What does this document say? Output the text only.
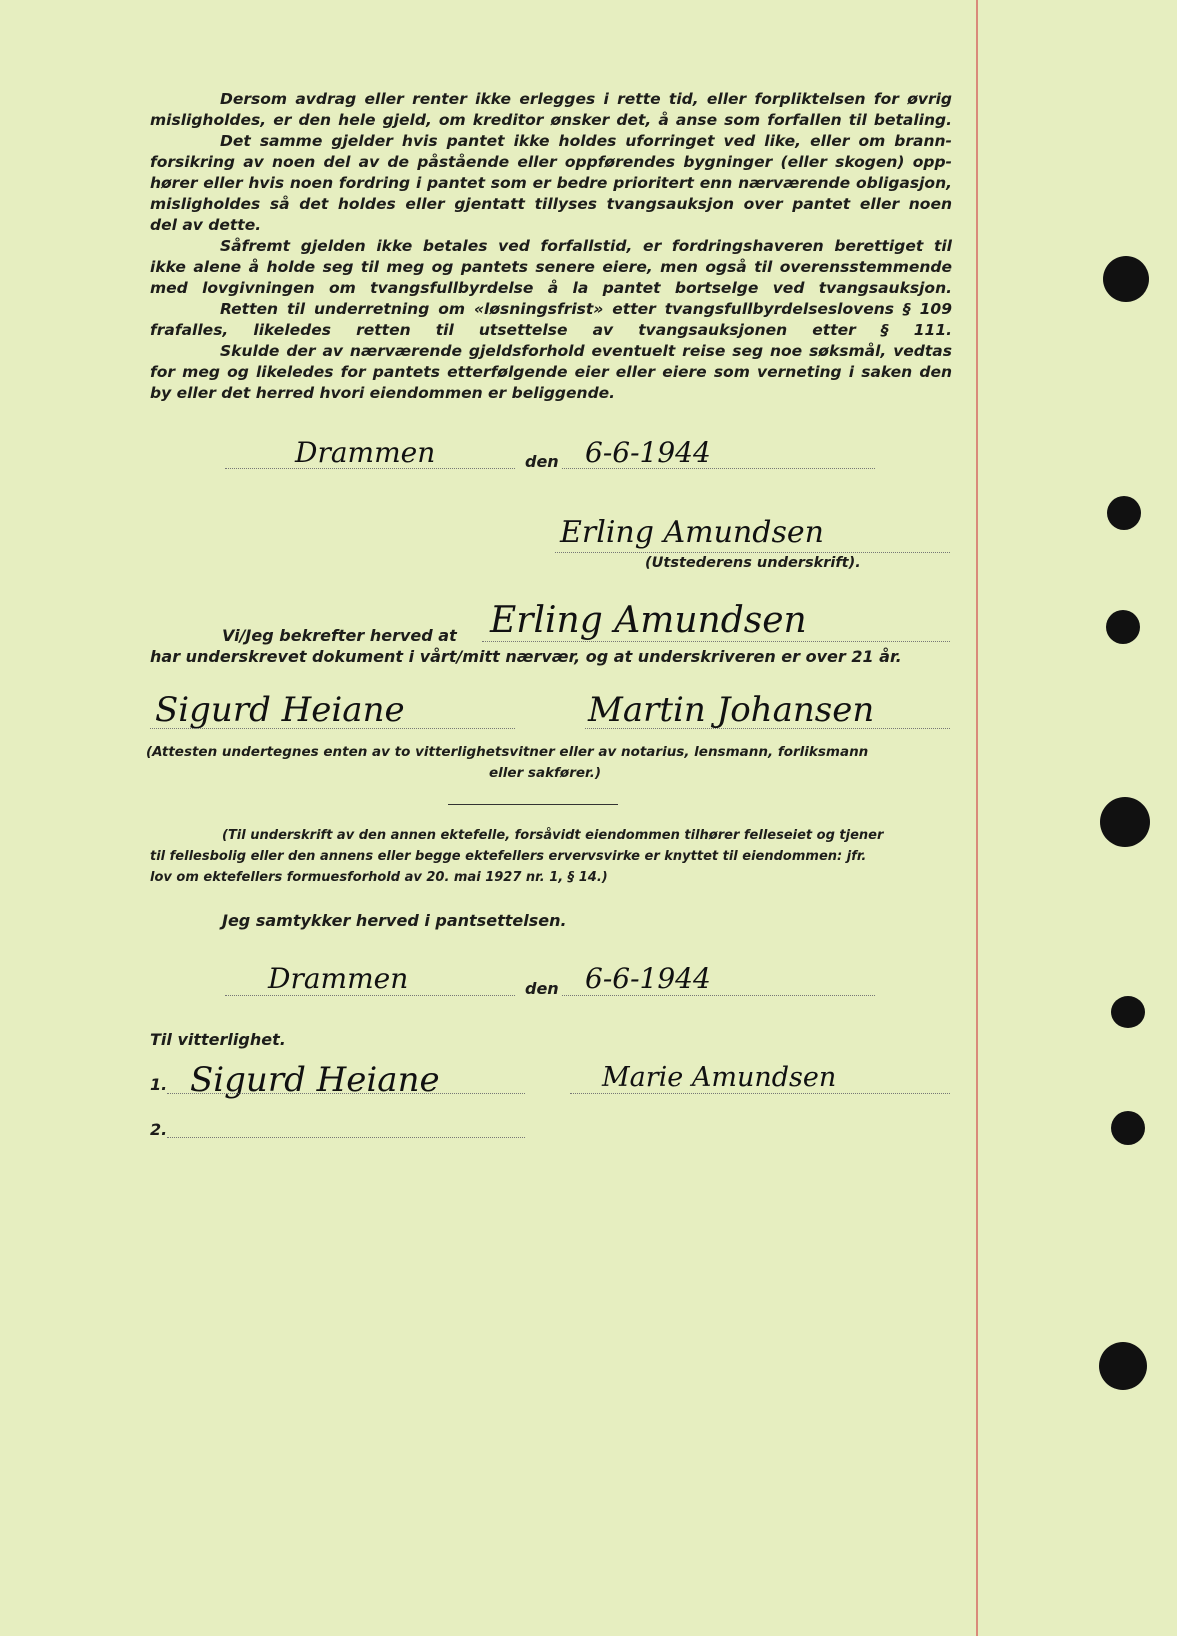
Dersom avdrag eller renter ikke erlegges i rette tid, eller forpliktelsen for øvrig
misligholdes, er den hele gjeld, om kreditor ønsker det, å anse som forfallen til betaling.
Det samme gjelder hvis pantet ikke holdes uforringet ved like, eller om brann-
forsikring av noen del av de påstående eller oppførendes bygninger (eller skogen) opp-
hører eller hvis noen fordring i pantet som er bedre prioritert enn nærværende obligasjon,
misligholdes så det holdes eller gjentatt tillyses tvangsauksjon over pantet eller noen
del av dette.
Såfremt gjelden ikke betales ved forfallstid, er fordringshaveren berettiget til
ikke alene å holde seg til meg og pantets senere eiere, men også til overensstemmende
med lovgivningen om tvangsfullbyrdelse å la pantet bortselge ved tvangsauksjon.
Retten til underretning om «løsningsfrist» etter tvangsfullbyrdelseslovens § 109
frafalles, likeledes retten til utsettelse av tvangsauksjonen etter § 111.
Skulde der av nærværende gjeldsforhold eventuelt reise seg noe søksmål, vedtas
for meg og likeledes for pantets etterfølgende eier eller eiere som verneting i saken den
by eller det herred hvori eiendommen er beliggende.
Drammen	den 6-6-1944
Erling Amundsen
(Utstederens underskrift).
Vi/Jeg bekrefter herved at Erling Amundsen
har underskrevet dokument i vårt/mitt nærvær, og at underskriveren er over 21 år.
Sigurd Heiane	Martin Johansen
(Attesten undertegnes enten av to vitterlighetsvitner eller av notarius, lensmann, forliksmann
eller sakfører.)
(Til underskrift av den annen ektefelle, forsåvidt eiendommen tilhører felleseiet og tjener
til fellesbolig eller den annens eller begge ektefellers ervervsvirke er knyttet til eiendommen: jfr.
lov om ektefellers formuesforhold av 20. mai 1927 nr. 1, § 14.)
Jeg samtykker herved i pantsettelsen.
Drammen	den 6-6-1944
Til vitterlighet.
1. Sigurd Heiane	Marie Amundsen
2.
